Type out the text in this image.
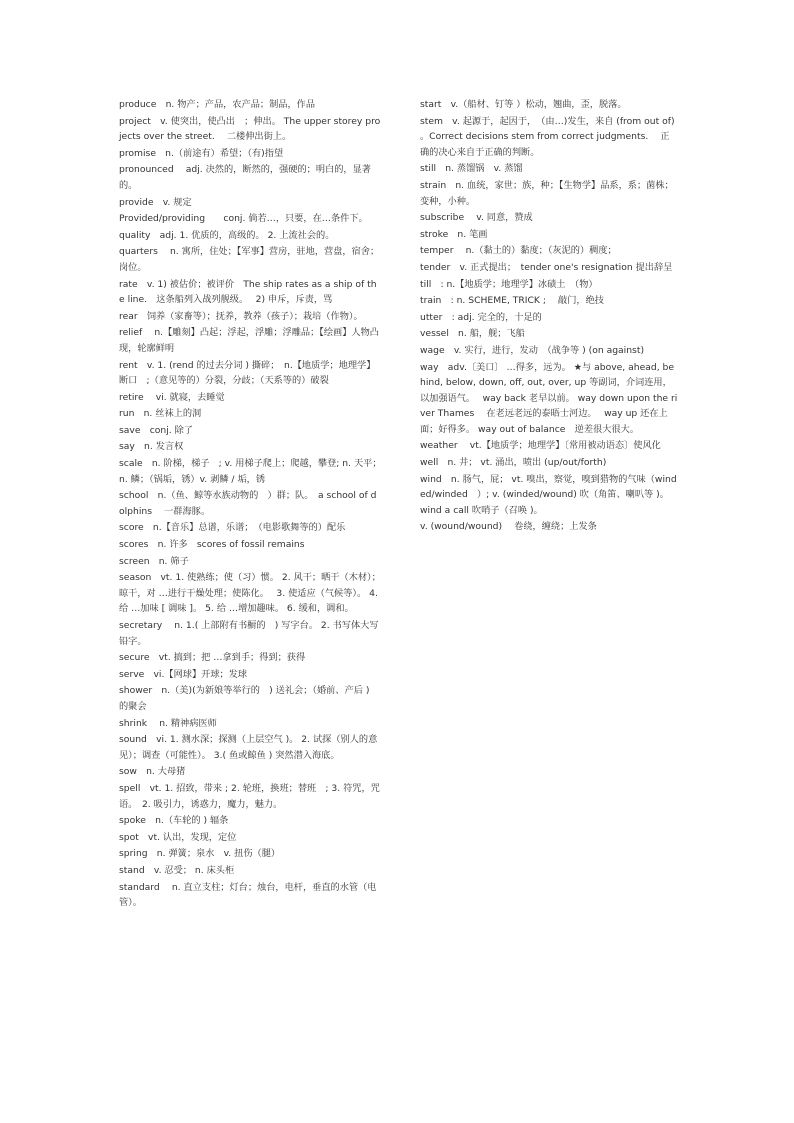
produce　n. 物产；产品，农产品；制品，作品

project　v. 使突出，使凸出　；伸出。 The upper storey projects over the street.　 二楼伸出街上。

promise　n.（前途有）希望；（有)指望

pronounced　 adj. 决然的，断然的，强硬的；明白的，显著的。

provide　v. 规定

Provided/providing　　conj. 倘若…，只要，在…条件下。

quality　adj. 1. 优质的，高级的。 2. 上流社会的。

quarters　 n. 寓所，住处；【军事】营房，驻地，营盘，宿舍；岗位。

rate　v. 1) 被估价；被评价　The ship rates as a ship of the line.　这条船列入战列舰级。　 2) 申斥，斥责，骂

rear　饲养（家畜等）；抚养，教养（孩子）；栽培（作物）。

relief　 n.【雕刻】凸起；浮起，浮雕；浮雕品；【绘画】人物凸现，轮廓鲜明

rent　v. 1. (rend 的过去分词 ) 撕碎；　n.【地质学；地理学】断口　;（意见等的）分裂，分歧；（天系等的）破裂

retire　 vi. 就寝，去睡觉

run　n. 丝袜上的洞

save　conj. 除了

say　n. 发言权

scale　n. 阶梯，梯子　; v. 用梯子爬上；爬越，攀登; n. 天平；　n. 鳞；（锅垢，锈）v. 剥鳞 / 垢，锈

school　n.（鱼、鲸等水族动物的　）群；队。　a school of dolphins　 一群海豚。

score　n.【音乐】总谱，乐谱；　（电影歌舞等的）配乐

scores　n. 许多　scores of fossil remains

screen　n. 筛子

season　vt. 1. 使熟练；使（习）惯。 2. 风干；晒干（木材）；晾干，对 …进行干燥处理；使陈化。　 3. 使适应（气候等）。 4. 给 …加味 [ 调味 ]。 5. 给 …增加趣味。 6. 缓和，调和。

secretary　 n. 1.( 上部附有书橱的　) 写字台。 2. 书写体大写铅字。

secure　vt. 搞到；把 …拿到手；得到；获得

serve　vi.【网球】开球；发球

shower　n.（美)(为新娘等举行的　) 送礼会；（婚前、产后 ) 的聚会

shrink　 n. 精神病医师

sound　vi. 1. 测水深；探测（上层空气 )。 2. 试探（别人的意见）；调查（可能性）。 3.( 鱼或鲸鱼 ) 突然潜入海底。

sow　n. 大母猪

spell　vt. 1. 招致，带来 ; 2. 轮班，换班；替班　; 3. 符咒，咒语。　2. 吸引力，诱惑力，魔力，魅力。

spoke　n.（车轮的 ) 辐条

spot　vt. 认出，发现，定位

spring　n. 弹簧；泉水　v. 扭伤（腿）

stand　v. 忍受； n. 床头柜

standard　 n. 直立支柱；灯台；烛台，电杆，垂直的水管（电管）。

start　v.（船材、钉等 ）松动，翘曲，歪，脱落。

stem　v. 起源于，起因于，　（由…)发生，来自 (from out of)　 。Correct decisions stem from correct judgments.　 正确的决心来自于正确的判断。

still　n. 蒸馏锅　v. 蒸馏

strain　n. 血统，家世；族，种；【生物学】品系，系；菌株；变种，小种。

subscribe　 v. 同意，赞成

stroke　n. 笔画

temper　 n.（黏土的）黏度；（灰泥的）稠度；

tender　v. 正式提出；　tender one's resignation 提出辞呈

till　: n.【地质学；地理学】冰碛土　（物）

train　: n. SCHEME, TRICK ;　 敲门，绝技

utter　: adj. 完全的，十足的

vessel　n. 船，舰；飞船

wage　v. 实行，进行，发动　（战争等 ) (on against)

way　adv.〔美口〕 …得多，远为。 ★与 above, ahead, behind, below, down, off, out, over, up 等副词，介词连用，以加强语气。　 way back 老早以前。 way down upon the river Thames　 在老远老远的泰晤士河边。　 way up 还在上面；好得多。 way out of balance　逆差很大很大。

weather　 vt.【地质学；地理学】〔常用被动语态〕使风化

well　n. 井； vt. 涌出，喷出 (up/out/forth)

wind　n. 肠气，屁； vt. 嗅出，察觉，嗅到猎物的气味（winded/winded　）; v. (winded/wound) 吹（角笛、喇叭等 )。 wind a call 吹哨子（召唤 )。

v. (wound/wound)　 卷绕，缠绕；上发条
